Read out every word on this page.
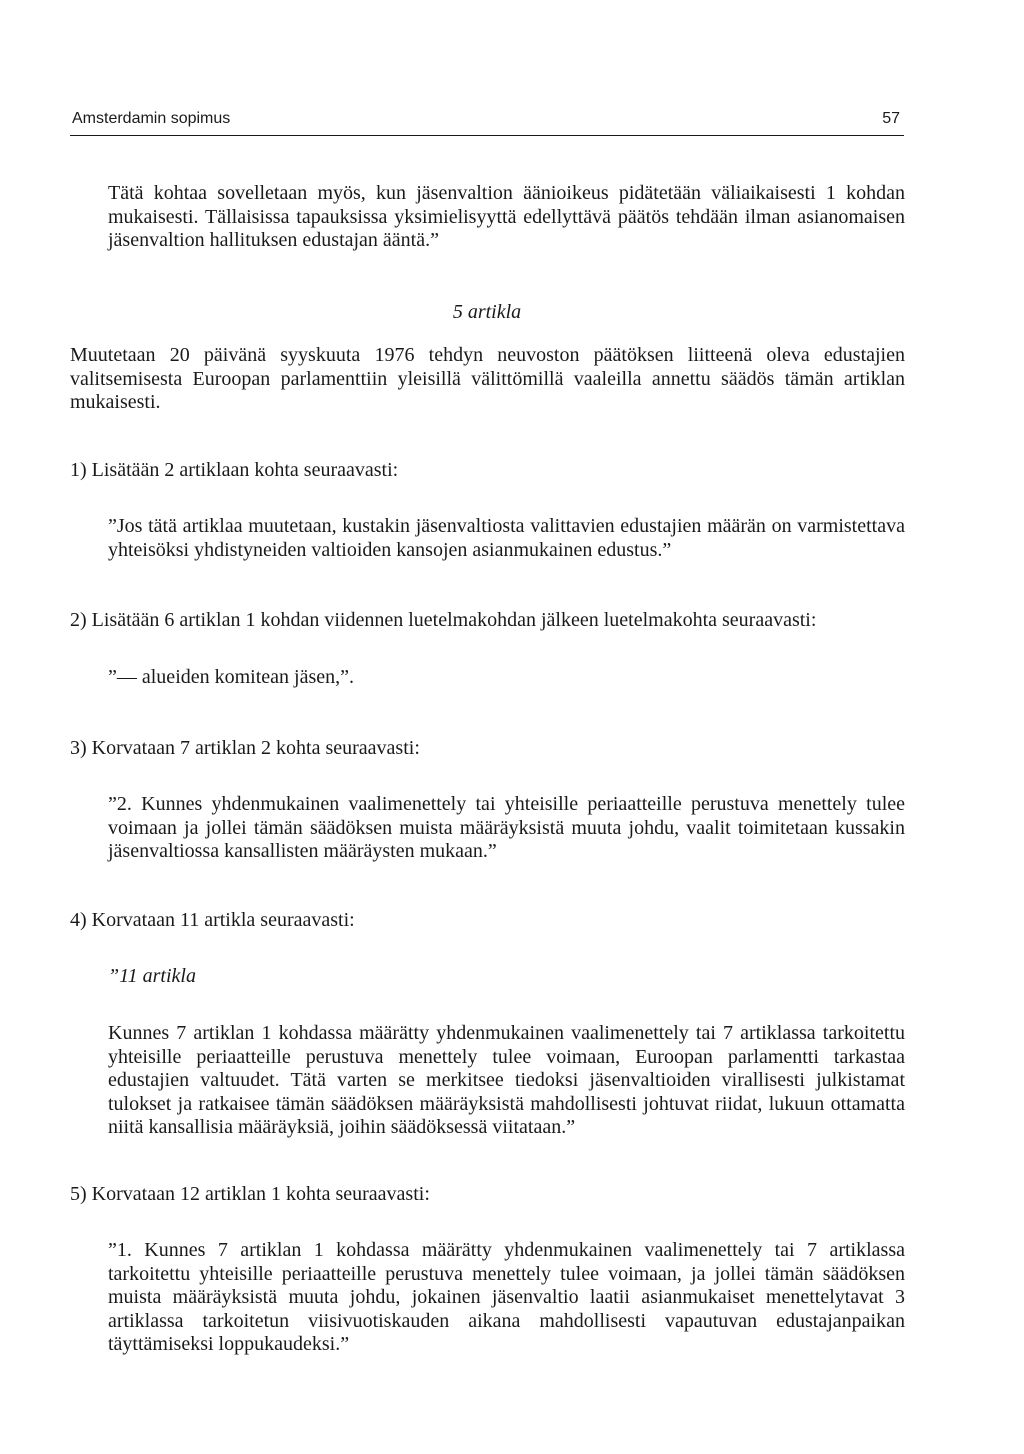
Amsterdamin sopimus	57

Tätä kohtaa sovelletaan myös, kun jäsenvaltion äänioikeus pidätetään väliaikaisesti 1 kohdan mukaisesti. Tällaisissa tapauksissa yksimielisyyttä edellyttävä päätös tehdään ilman asianomaisen jäsenvaltion hallituksen edustajan ääntä.”

5 artikla

Muutetaan 20 päivänä syyskuuta 1976 tehdyn neuvoston päätöksen liitteenä oleva edustajien valitsemisesta Euroopan parlamenttiin yleisillä välittömillä vaaleilla annettu säädös tämän artiklan mukaisesti.

1) Lisätään 2 artiklaan kohta seuraavasti:

”Jos tätä artiklaa muutetaan, kustakin jäsenvaltiosta valittavien edustajien määrän on varmistettava yhteisöksi yhdistyneiden valtioiden kansojen asianmukainen edustus.”

2) Lisätään 6 artiklan 1 kohdan viidennen luetelmakohdan jälkeen luetelmakohta seuraavasti:

”— alueiden komitean jäsen,”.

3) Korvataan 7 artiklan 2 kohta seuraavasti:

”2. Kunnes yhdenmukainen vaalimenettely tai yhteisille periaatteille perustuva menettely tulee voimaan ja jollei tämän säädöksen muista määräyksistä muuta johdu, vaalit toimitetaan kussakin jäsenvaltiossa kansallisten määräysten mukaan.”

4) Korvataan 11 artikla seuraavasti:

”11 artikla

Kunnes 7 artiklan 1 kohdassa määrätty yhdenmukainen vaalimenettely tai 7 artiklassa tarkoitettu yhteisille periaatteille perustuva menettely tulee voimaan, Euroopan parlamentti tarkastaa edustajien valtuudet. Tätä varten se merkitsee tiedoksi jäsenvaltioiden virallisesti julkistamat tulokset ja ratkaisee tämän säädöksen määräyksistä mahdollisesti johtuvat riidat, lukuun ottamatta niitä kansallisia määräyksiä, joihin säädöksessä viitataan.”

5) Korvataan 12 artiklan 1 kohta seuraavasti:

”1. Kunnes 7 artiklan 1 kohdassa määrätty yhdenmukainen vaalimenettely tai 7 artiklassa tarkoitettu yhteisille periaatteille perustuva menettely tulee voimaan, ja jollei tämän säädöksen muista määräyksistä muuta johdu, jokainen jäsenvaltio laatii asianmukaiset menettelytavat 3 artiklassa tarkoitetun viisivuotiskauden aikana mahdollisesti vapautuvan edustajanpaikan täyttämiseksi loppukaudeksi.”
